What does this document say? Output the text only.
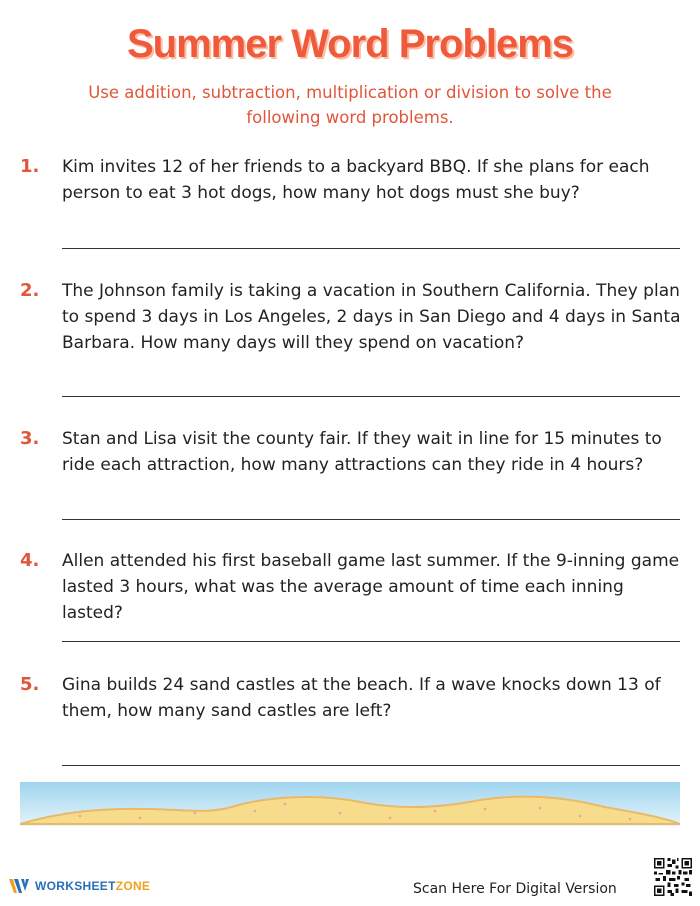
Summer Word Problems
Use addition, subtraction, multiplication or division to solve the following word problems.
1. Kim invites 12 of her friends to a backyard BBQ. If she plans for each person to eat 3 hot dogs, how many hot dogs must she buy?
2. The Johnson family is taking a vacation in Southern California. They plan to spend 3 days in Los Angeles, 2 days in San Diego and 4 days in Santa Barbara. How many days will they spend on vacation?
3. Stan and Lisa visit the county fair. If they wait in line for 15 minutes to ride each attraction, how many attractions can they ride in 4 hours?
4. Allen attended his first baseball game last summer. If the 9-inning game lasted 3 hours, what was the average amount of time each inning lasted?
5. Gina builds 24 sand castles at the beach. If a wave knocks down 13 of them, how many sand castles are left?
WORKSHEETZONE	Scan Here For Digital Version
